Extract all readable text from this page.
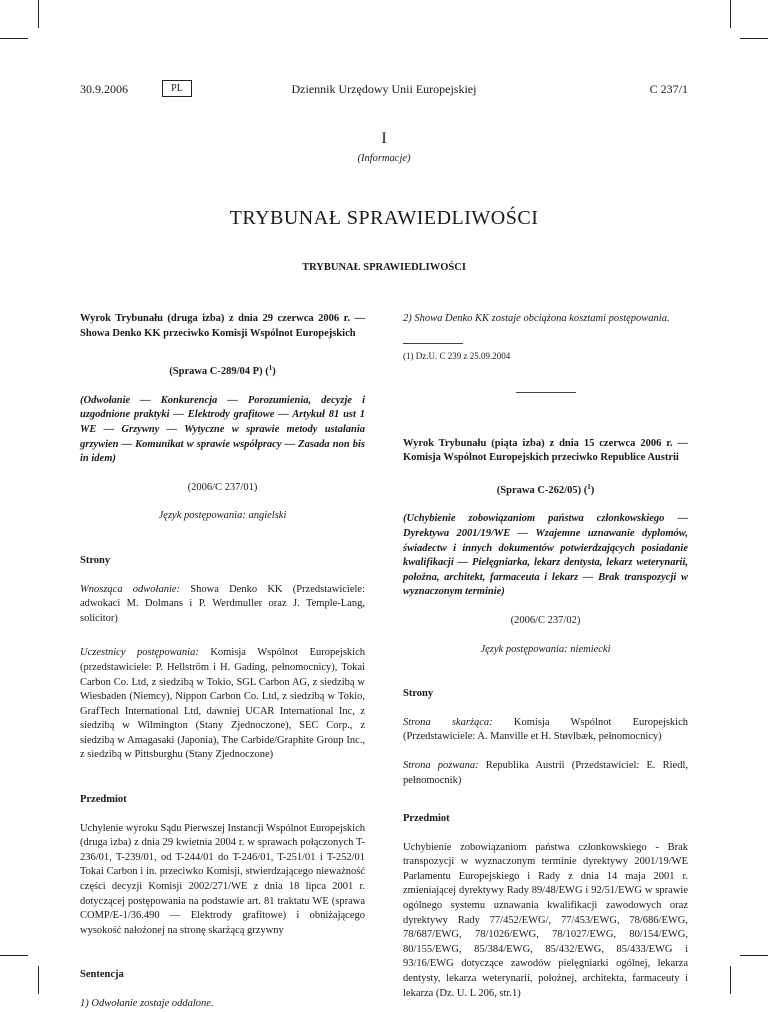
30.9.2006	PL	Dziennik Urzędowy Unii Europejskiej	C 237/1
I
(Informacje)
TRYBUNAŁ SPRAWIEDLIWOŚCI
TRYBUNAŁ SPRAWIEDLIWOŚCI

Wyrok Trybunału (druga izba) z dnia 29 czerwca 2006 r. — Showa Denko KK przeciwko Komisji Wspólnot Europejskich

(Sprawa C-289/04 P) ($^1$)

(Odwołanie — Konkurencja — Porozumienia, decyzje i uzgodnione praktyki — Elektrody grafitowe — Artykuł 81 ust 1 WE — Grzywny — Wytyczne w sprawie metody ustalania grzywien — Komunikat w sprawie współpracy — Zasada non bis in idem)

(2006/C 237/01)

Język postępowania: angielski

Strony

Wnosząca odwołanie: Showa Denko KK (Przedstawiciele: adwokaci M. Dolmans i P. Werdmuller oraz J. Temple-Lang, solicitor)

Uczestnicy postępowania: Komisja Wspólnot Europejskich (przedstawiciele: P. Hellström i H. Gading, pełnomocnicy), Tokai Carbon Co. Ltd, z siedzibą w Tokio, SGL Carbon AG, z siedzibą w Wiesbaden (Niemcy), Nippon Carbon Co. Ltd, z siedzibą w Tokio, GrafTech International Ltd, dawniej UCAR International Inc, z siedzibą w Wilmington (Stany Zjednoczone), SEC Corp., z siedzibą w Amagasaki (Japonia), The Carbide/Graphite Group Inc., z siedzibą w Pittsburghu (Stany Zjednoczone)

Przedmiot

Uchylenie wyroku Sądu Pierwszej Instancji Wspólnot Europejskich (druga izba) z dnia 29 kwietnia 2004 r. w sprawach połączonych T-236/01, T-239/01, od T-244/01 do T-246/01, T-251/01 i T-252/01 Tokai Carbon i in. przeciwko Komisji, stwierdzającego nieważność części decyzji Komisji 2002/271/WE z dnia 18 lipca 2001 r. dotyczącej postępowania na podstawie art. 81 traktatu WE (sprawa COMP/E-1/36.490 — Elektrody grafitowe) i obniżającego wysokość nałożonej na stronę skarżącą grzywny

Sentencja

1) Odwołanie zostaje oddalone.

2) Showa Denko KK zostaje obciążona kosztami postępowania.

(1) Dz.U. C 239 z 25.09.2004

Wyrok Trybunału (piąta izba) z dnia 15 czerwca 2006 r. — Komisja Wspólnot Europejskich przeciwko Republice Austrii

(Sprawa C-262/05) ($^1$)

(Uchybienie zobowiązaniom państwa członkowskiego — Dyrektywa 2001/19/WE — Wzajemne uznawanie dyplomów, świadectw i innych dokumentów potwierdzających posiadanie kwalifikacji — Pielęgniarka, lekarz dentysta, lekarz weterynarii, położna, architekt, farmaceuta i lekarz — Brak transpozycji w wyznaczonym terminie)

(2006/C 237/02)

Język postępowania: niemiecki

Strony

Strona skarżąca: Komisja Wspólnot Europejskich (Przedstawiciele: A. Manville et H. Støvlbæk, pełnomocnicy)

Strona pozwana: Republika Austrii (Przedstawiciel: E. Riedl, pełnomocnik)

Przedmiot

Uchybienie zobowiązaniom państwa członkowskiego - Brak transpozycji w wyznaczonym terminie dyrektywy 2001/19/WE Parlamentu Europejskiego i Rady z dnia 14 maja 2001 r. zmieniającej dyrektywy Rady 89/48/EWG i 92/51/EWG w sprawie ogólnego systemu uznawania kwalifikacji zawodowych oraz dyrektywy Rady 77/452/EWG/, 77/453/EWG, 78/686/EWG, 78/687/EWG, 78/1026/EWG, 78/1027/EWG, 80/154/EWG, 80/155/EWG, 85/384/EWG, 85/432/EWG, 85/433/EWG i 93/16/EWG dotyczące zawodów pielęgniarki ogólnej, lekarza dentysty, lekarza weterynarii, położnej, architekta, farmaceuty i lekarza (Dz. U. L 206, str.1)
